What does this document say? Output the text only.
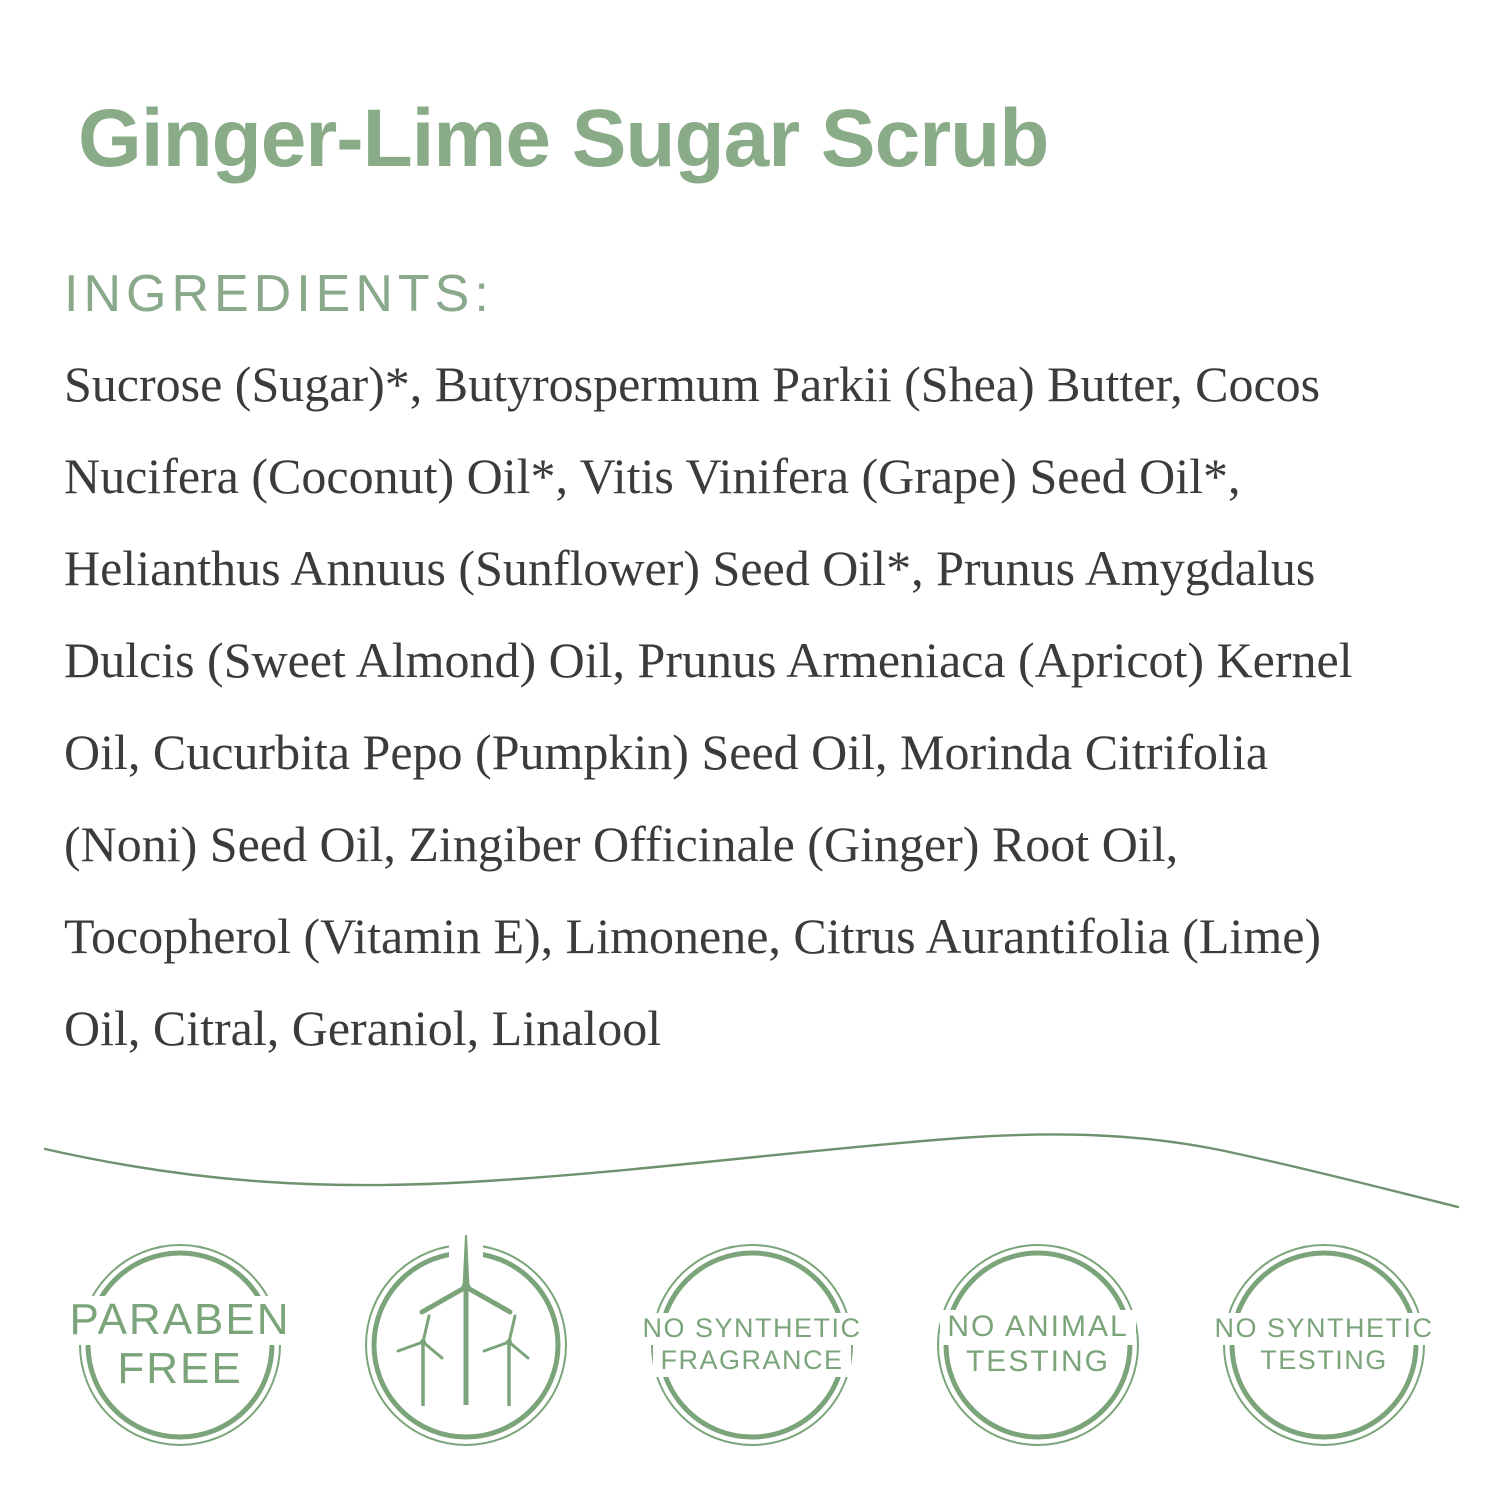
Ginger-Lime Sugar Scrub
INGREDIENTS:
Sucrose (Sugar)*, Butyrospermum Parkii (Shea) Butter, Cocos
Nucifera (Coconut) Oil*, Vitis Vinifera (Grape) Seed Oil*,
Helianthus Annuus (Sunflower) Seed Oil*, Prunus Amygdalus
Dulcis (Sweet Almond) Oil, Prunus Armeniaca (Apricot) Kernel
Oil, Cucurbita Pepo (Pumpkin) Seed Oil, Morinda Citrifolia
(Noni) Seed Oil, Zingiber Officinale (Ginger) Root Oil,
Tocopherol (Vitamin E), Limonene, Citrus Aurantifolia (Lime)
Oil, Citral, Geraniol, Linalool
PARABEN
FREE
NO SYNTHETIC
FRAGRANCE
NO ANIMAL
TESTING
NO SYNTHETIC
TESTING
